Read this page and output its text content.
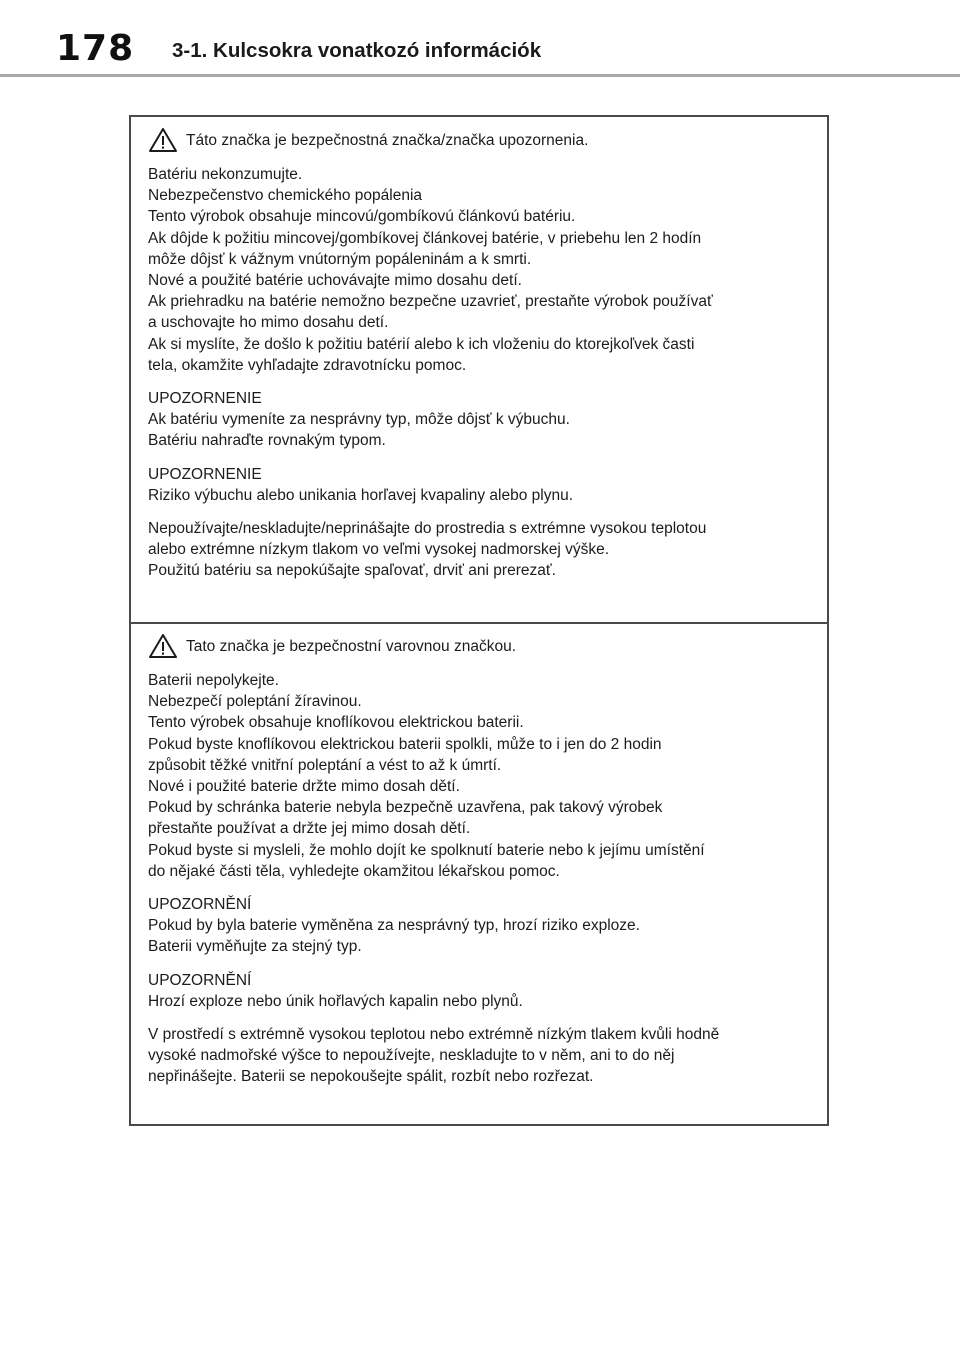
178 3-1. Kulcsokra vonatkozó információk
Táto značka je bezpečnostná značka/značka upozornenia.
Batériu nekonzumujte.
Nebezpečenstvo chemického popálenia
Tento výrobok obsahuje mincovú/gombíkovú článkovú batériu.
Ak dôjde k požitiu mincovej/gombíkovej článkovej batérie, v priebehu len 2 hodín
môže dôjsť k vážnym vnútorným popáleninám a k smrti.
Nové a použité batérie uchovávajte mimo dosahu detí.
Ak priehradku na batérie nemožno bezpečne uzavrieť, prestaňte výrobok používať
a uschovajte ho mimo dosahu detí.
Ak si myslíte, že došlo k požitiu batérií alebo k ich vloženiu do ktorejkoľvek časti
tela, okamžite vyhľadajte zdravotnícku pomoc.
UPOZORNENIE
Ak batériu vymeníte za nesprávny typ, môže dôjsť k výbuchu.
Batériu nahraďte rovnakým typom.
UPOZORNENIE
Riziko výbuchu alebo unikania horľavej kvapaliny alebo plynu.
Nepoužívajte/neskladujte/neprinášajte do prostredia s extrémne vysokou teplotou
alebo extrémne nízkym tlakom vo veľmi vysokej nadmorskej výške.
Použitú batériu sa nepokúšajte spaľovať, drviť ani prerezať.
Tato značka je bezpečnostní varovnou značkou.
Baterii nepolykejte.
Nebezpečí poleptání žíravinou.
Tento výrobek obsahuje knoflíkovou elektrickou baterii.
Pokud byste knoflíkovou elektrickou baterii spolkli, může to i jen do 2 hodin
způsobit těžké vnitřní poleptání a vést to až k úmrtí.
Nové i použité baterie držte mimo dosah dětí.
Pokud by schránka baterie nebyla bezpečně uzavřena, pak takový výrobek
přestaňte používat a držte jej mimo dosah dětí.
Pokud byste si mysleli, že mohlo dojít ke spolknutí baterie nebo k jejímu umístění
do nějaké části těla, vyhledejte okamžitou lékařskou pomoc.
UPOZORNĚNÍ
Pokud by byla baterie vyměněna za nesprávný typ, hrozí riziko exploze.
Baterii vyměňujte za stejný typ.
UPOZORNĚNÍ
Hrozí exploze nebo únik hořlavých kapalin nebo plynů.
V prostředí s extrémně vysokou teplotou nebo extrémně nízkým tlakem kvůli hodně
vysoké nadmořské výšce to nepoužívejte, neskladujte to v něm, ani to do něj
nepřinášejte. Baterii se nepokoušejte spálit, rozbít nebo rozřezat.
